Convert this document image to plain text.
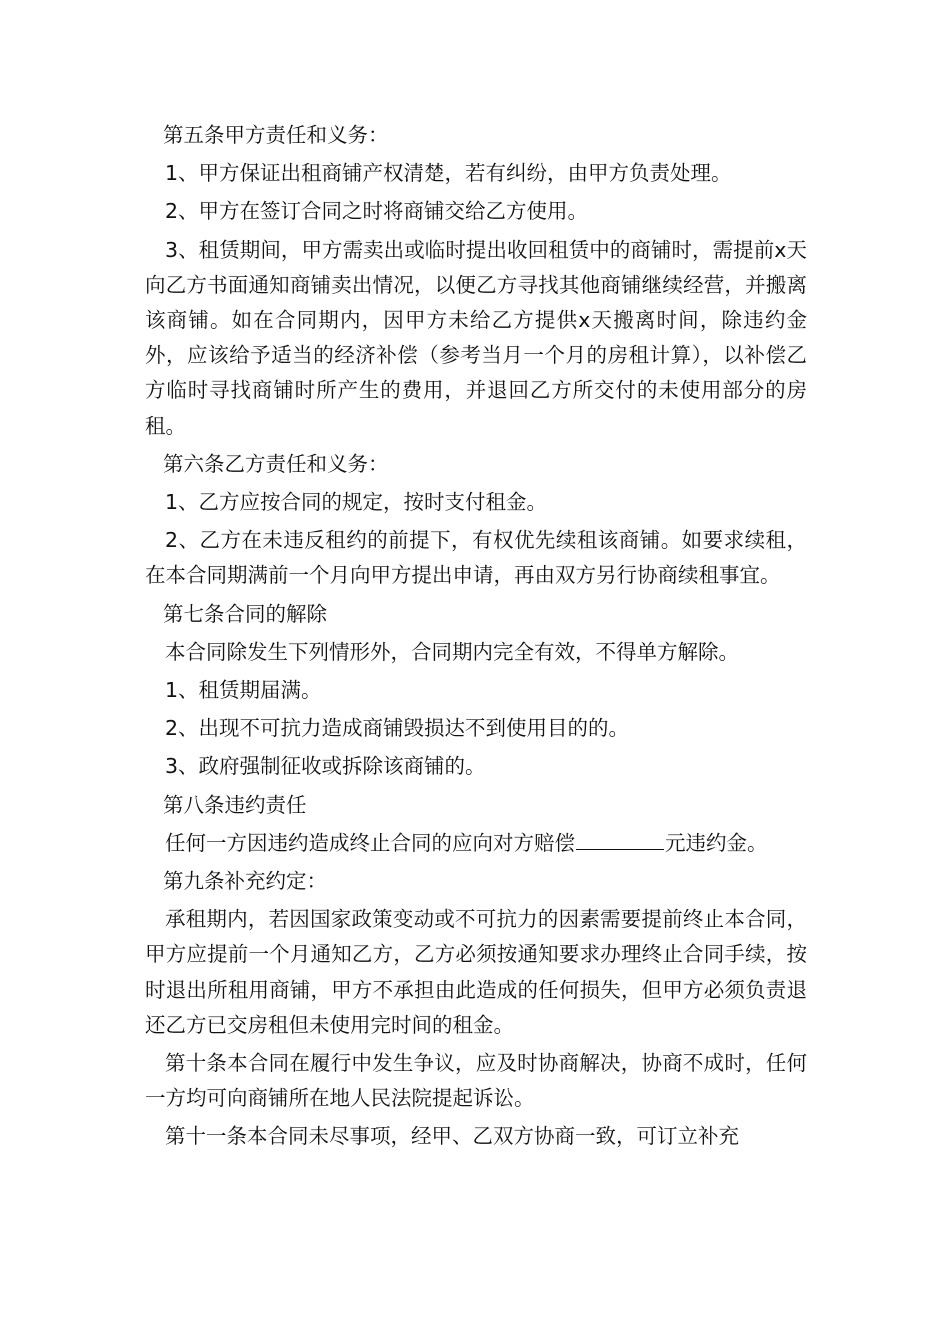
第五条甲方责任和义务：

1、甲方保证出租商铺产权清楚，若有纠纷，由甲方负责处理。

2、甲方在签订合同之时将商铺交给乙方使用。

3、租赁期间，甲方需卖出或临时提出收回租赁中的商铺时，需提前x天向乙方书面通知商铺卖出情况，以便乙方寻找其他商铺继续经营，并搬离该商铺。如在合同期内，因甲方未给乙方提供x天搬离时间，除违约金外，应该给予适当的经济补偿（参考当月一个月的房租计算），以补偿乙方临时寻找商铺时所产生的费用，并退回乙方所交付的未使用部分的房租。

第六条乙方责任和义务：

1、乙方应按合同的规定，按时支付租金。

2、乙方在未违反租约的前提下，有权优先续租该商铺。如要求续租，在本合同期满前一个月向甲方提出申请，再由双方另行协商续租事宜。

第七条合同的解除

本合同除发生下列情形外，合同期内完全有效，不得单方解除。

1、租赁期届满。

2、出现不可抗力造成商铺毁损达不到使用目的的。

3、政府强制征收或拆除该商铺的。

第八条违约责任

任何一方因违约造成终止合同的应向对方赔偿	元违约金。

第九条补充约定：

承租期内，若因国家政策变动或不可抗力的因素需要提前终止本合同，甲方应提前一个月通知乙方，乙方必须按通知要求办理终止合同手续，按时退出所租用商铺，甲方不承担由此造成的任何损失，但甲方必须负责退还乙方已交房租但未使用完时间的租金。

第十条本合同在履行中发生争议，应及时协商解决，协商不成时，任何一方均可向商铺所在地人民法院提起诉讼。

第十一条本合同未尽事项，经甲、乙双方协商一致，可订立补充
